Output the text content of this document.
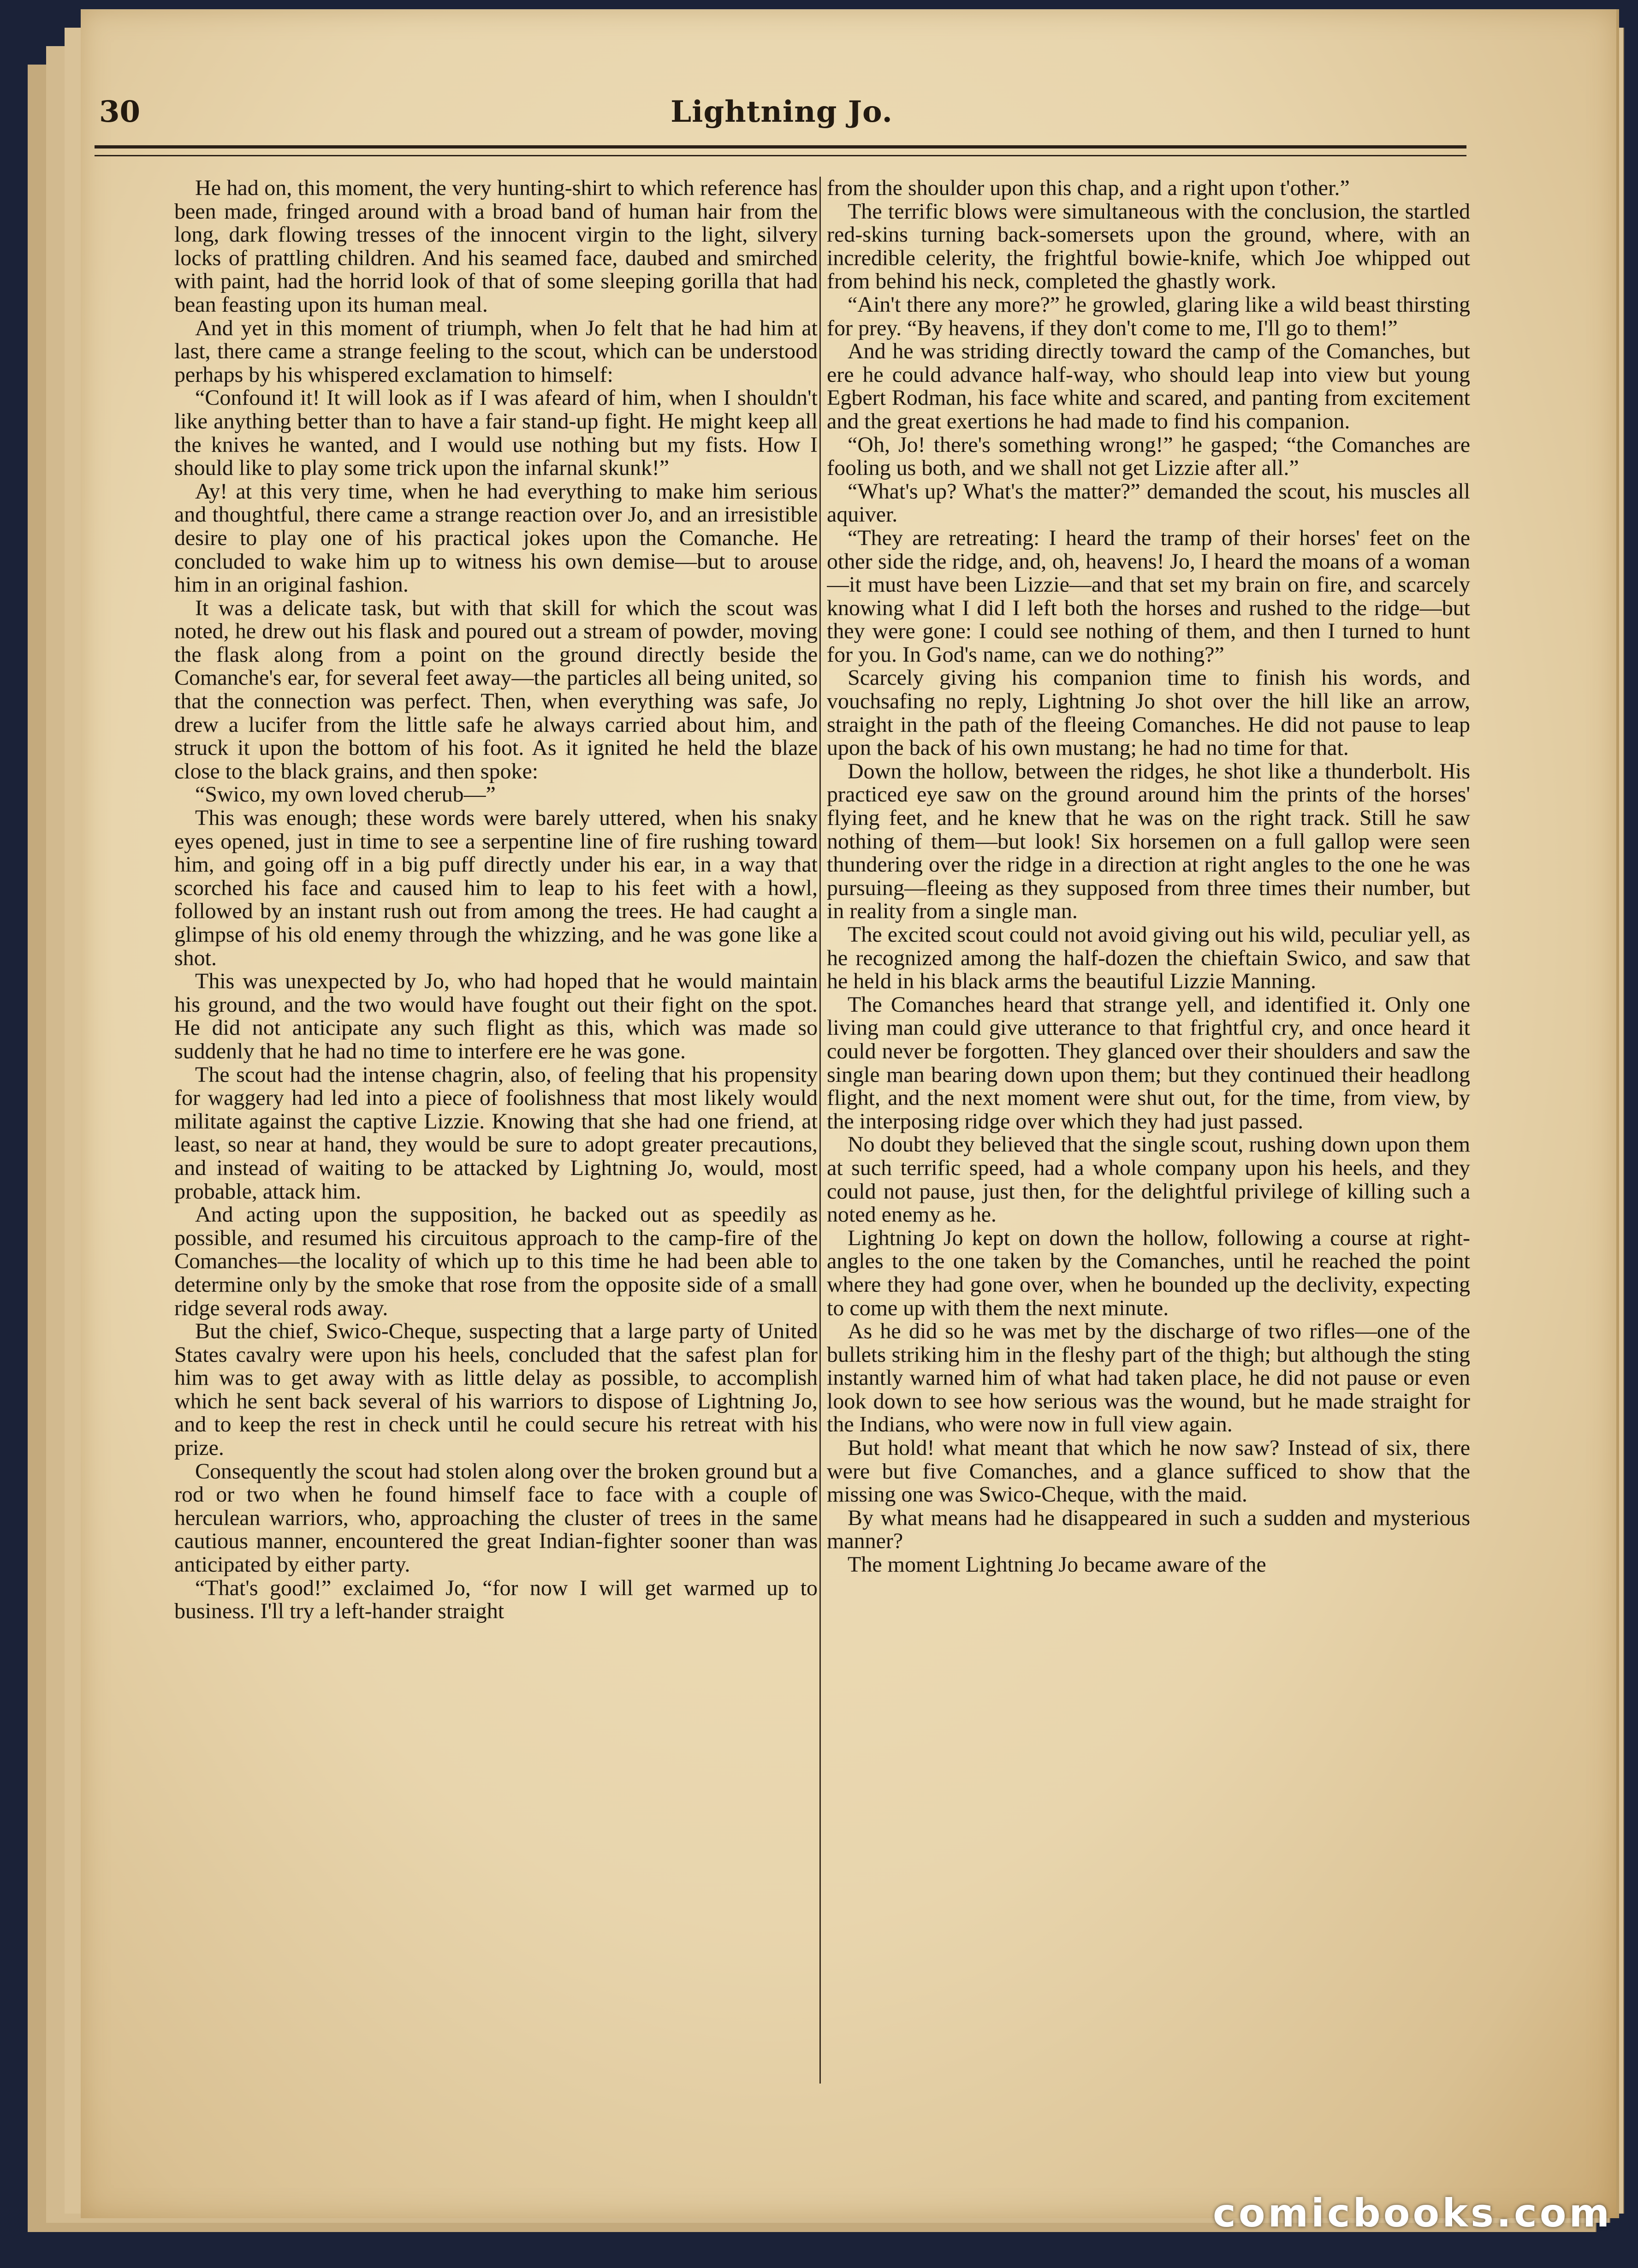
30	Lightning Jo.

He had on, this moment, the very hunting-shirt to which reference has been made, fringed around with a broad band of human hair from the long, dark flowing tresses of the innocent virgin to the light, silvery locks of prattling children. And his seamed face, daubed and smirched with paint, had the horrid look of that of some sleeping gorilla that had bean feasting upon its human meal.

And yet in this moment of triumph, when Jo felt that he had him at last, there came a strange feeling to the scout, which can be understood perhaps by his whispered exclamation to himself:

“Confound it! It will look as if I was afeard of him, when I shouldn't like anything better than to have a fair stand-up fight. He might keep all the knives he wanted, and I would use nothing but my fists. How I should like to play some trick upon the infarnal skunk!”

Ay! at this very time, when he had everything to make him serious and thoughtful, there came a strange reaction over Jo, and an irresistible desire to play one of his practical jokes upon the Comanche. He concluded to wake him up to witness his own demise—but to arouse him in an original fashion.

It was a delicate task, but with that skill for which the scout was noted, he drew out his flask and poured out a stream of powder, moving the flask along from a point on the ground directly beside the Comanche's ear, for several feet away—the particles all being united, so that the connection was perfect. Then, when everything was safe, Jo drew a lucifer from the little safe he always carried about him, and struck it upon the bottom of his foot. As it ignited he held the blaze close to the black grains, and then spoke:

“Swico, my own loved cherub—”

This was enough; these words were barely uttered, when his snaky eyes opened, just in time to see a serpentine line of fire rushing toward him, and going off in a big puff directly under his ear, in a way that scorched his face and caused him to leap to his feet with a howl, followed by an instant rush out from among the trees. He had caught a glimpse of his old enemy through the whizzing, and he was gone like a shot.

This was unexpected by Jo, who had hoped that he would maintain his ground, and the two would have fought out their fight on the spot. He did not anticipate any such flight as this, which was made so suddenly that he had no time to interfere ere he was gone.

The scout had the intense chagrin, also, of feeling that his propensity for waggery had led into a piece of foolishness that most likely would militate against the captive Lizzie. Knowing that she had one friend, at least, so near at hand, they would be sure to adopt greater precautions, and instead of waiting to be attacked by Lightning Jo, would, most probable, attack him.

And acting upon the supposition, he backed out as speedily as possible, and resumed his circuitous approach to the camp-fire of the Comanches—the locality of which up to this time he had been able to determine only by the smoke that rose from the opposite side of a small ridge several rods away.

But the chief, Swico-Cheque, suspecting that a large party of United States cavalry were upon his heels, concluded that the safest plan for him was to get away with as little delay as possible, to accomplish which he sent back several of his warriors to dispose of Lightning Jo, and to keep the rest in check until he could secure his retreat with his prize.

Consequently the scout had stolen along over the broken ground but a rod or two when he found himself face to face with a couple of herculean warriors, who, approaching the cluster of trees in the same cautious manner, encountered the great Indian-fighter sooner than was anticipated by either party.

“That's good!” exclaimed Jo, “for now I will get warmed up to business. I'll try a left-hander straight

from the shoulder upon this chap, and a right upon t'other.”

The terrific blows were simultaneous with the conclusion, the startled red-skins turning back-somersets upon the ground, where, with an incredible celerity, the frightful bowie-knife, which Joe whipped out from behind his neck, completed the ghastly work.

“Ain't there any more?” he growled, glaring like a wild beast thirsting for prey. “By heavens, if they don't come to me, I'll go to them!”

And he was striding directly toward the camp of the Comanches, but ere he could advance half-way, who should leap into view but young Egbert Rodman, his face white and scared, and panting from excitement and the great exertions he had made to find his companion.

“Oh, Jo! there's something wrong!” he gasped; “the Comanches are fooling us both, and we shall not get Lizzie after all.”

“What's up? What's the matter?” demanded the scout, his muscles all aquiver.

“They are retreating: I heard the tramp of their horses' feet on the other side the ridge, and, oh, heavens! Jo, I heard the moans of a woman—it must have been Lizzie—and that set my brain on fire, and scarcely knowing what I did I left both the horses and rushed to the ridge—but they were gone: I could see nothing of them, and then I turned to hunt for you. In God's name, can we do nothing?”

Scarcely giving his companion time to finish his words, and vouchsafing no reply, Lightning Jo shot over the hill like an arrow, straight in the path of the fleeing Comanches. He did not pause to leap upon the back of his own mustang; he had no time for that.

Down the hollow, between the ridges, he shot like a thunderbolt. His practiced eye saw on the ground around him the prints of the horses' flying feet, and he knew that he was on the right track. Still he saw nothing of them—but look! Six horsemen on a full gallop were seen thundering over the ridge in a direction at right angles to the one he was pursuing—fleeing as they supposed from three times their number, but in reality from a single man.

The excited scout could not avoid giving out his wild, peculiar yell, as he recognized among the half-dozen the chieftain Swico, and saw that he held in his black arms the beautiful Lizzie Manning.

The Comanches heard that strange yell, and identified it. Only one living man could give utterance to that frightful cry, and once heard it could never be forgotten. They glanced over their shoulders and saw the single man bearing down upon them; but they continued their headlong flight, and the next moment were shut out, for the time, from view, by the interposing ridge over which they had just passed.

No doubt they believed that the single scout, rushing down upon them at such terrific speed, had a whole company upon his heels, and they could not pause, just then, for the delightful privilege of killing such a noted enemy as he.

Lightning Jo kept on down the hollow, following a course at right-angles to the one taken by the Comanches, until he reached the point where they had gone over, when he bounded up the declivity, expecting to come up with them the next minute.

As he did so he was met by the discharge of two rifles—one of the bullets striking him in the fleshy part of the thigh; but although the sting instantly warned him of what had taken place, he did not pause or even look down to see how serious was the wound, but he made straight for the Indians, who were now in full view again.

But hold! what meant that which he now saw? Instead of six, there were but five Comanches, and a glance sufficed to show that the missing one was Swico-Cheque, with the maid.

By what means had he disappeared in such a sudden and mysterious manner?

The moment Lightning Jo became aware of the

comicbooks.com
